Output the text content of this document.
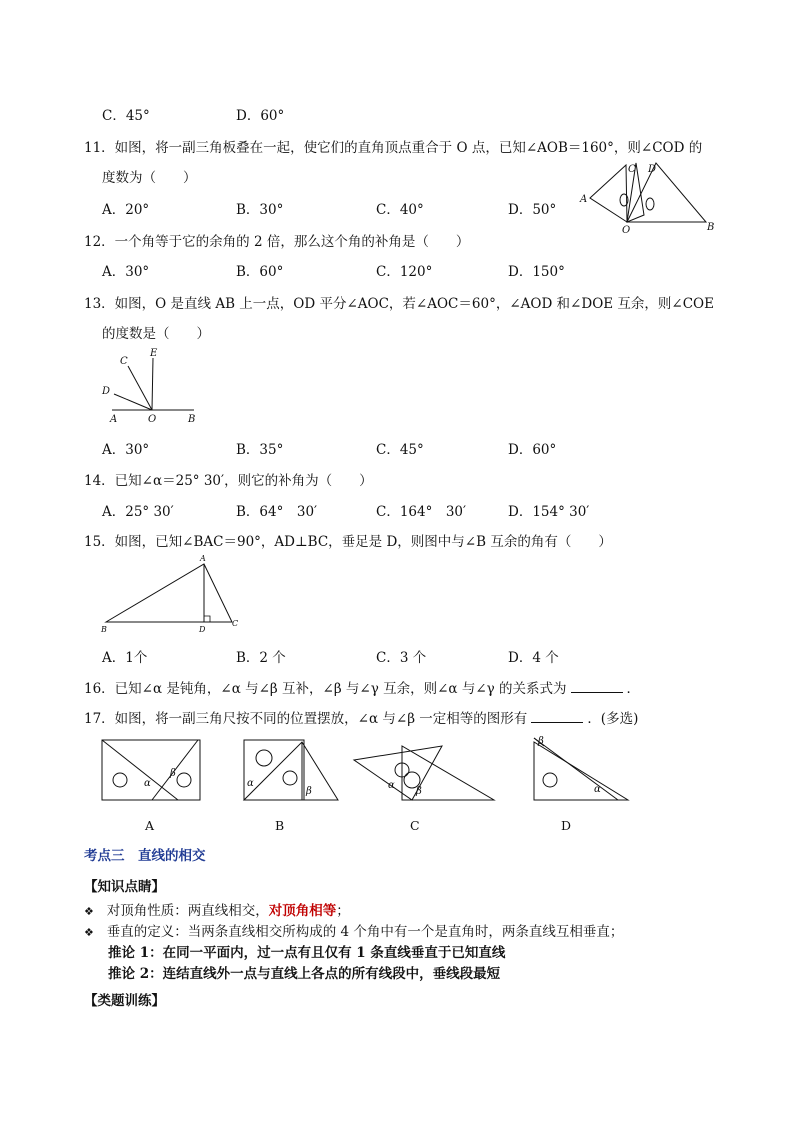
C．45°	D．60°
11．如图，将一副三角板叠在一起，使它们的直角顶点重合于 O 点，已知∠AOB＝160°，则∠COD 的
度数为（　　）
A．20°	B．30°	C．40°	D．50°
A
B
C D
O
12．一个角等于它的余角的 2 倍，那么这个角的补角是（　　）
A．30°	B．60°	C．120°	D．150°
13．如图，O 是直线 AB 上一点，OD 平分∠AOC，若∠AOC＝60°，∠AOD 和∠DOE 互余，则∠COE
的度数是（　　）
E
C
D
A	O	B
A．30°	B．35°	C．45°	D．60°
14．已知∠α＝25° 30′，则它的补角为（　　）
A．25° 30′	B．64°　30′	C．164°　30′	D．154° 30′
15．如图，已知∠BAC＝90°，AD⊥BC，垂足是 D，则图中与∠B 互余的角有（　　）
A
B	D
C
A．1个	B．2 个	C．3 个	D．4 个
16．已知∠α 是钝角，∠α 与∠β 互补，∠β 与∠γ 互余，则∠α 与∠γ 的关系式为	．
17．如图，将一副三角尺按不同的位置摆放，∠α 与∠β 一定相等的图形有	．(多选)
α
β
A
α
β
B
α
β
C
β
α
D
考点三　直线的相交
【知识点睛】
❖ 对顶角性质：两直线相交，对顶角相等；
❖ 垂直的定义：当两条直线相交所构成的 4 个角中有一个是直角时，两条直线互相垂直；
推论 1：在同一平面内，过一点有且仅有 1 条直线垂直于已知直线
推论 2：连结直线外一点与直线上各点的所有线段中，垂线段最短
【类题训练】
